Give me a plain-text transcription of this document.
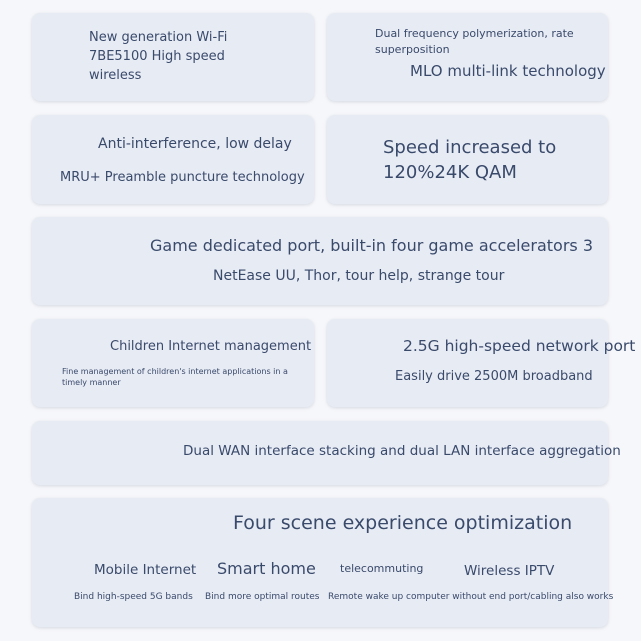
New generation Wi-Fi 7BE5100 High speed wireless
Dual frequency polymerization, rate superposition
MLO multi-link technology
Anti-interference, low delay
MRU+ Preamble puncture technology
Speed increased to 120%24K QAM
Game dedicated port, built-in four game accelerators 3
NetEase UU, Thor, tour help, strange tour
Children Internet management
Fine management of children's internet applications in a timely manner
2.5G high-speed network port
Easily drive 2500M broadband
Dual WAN interface stacking and dual LAN interface aggregation
Four scene experience optimization
Mobile Internet Smart home telecommuting	Wireless IPTV
Bind high-speed 5G bands Bind more optimal routes Remote wake up computer without end port/cabling also works
